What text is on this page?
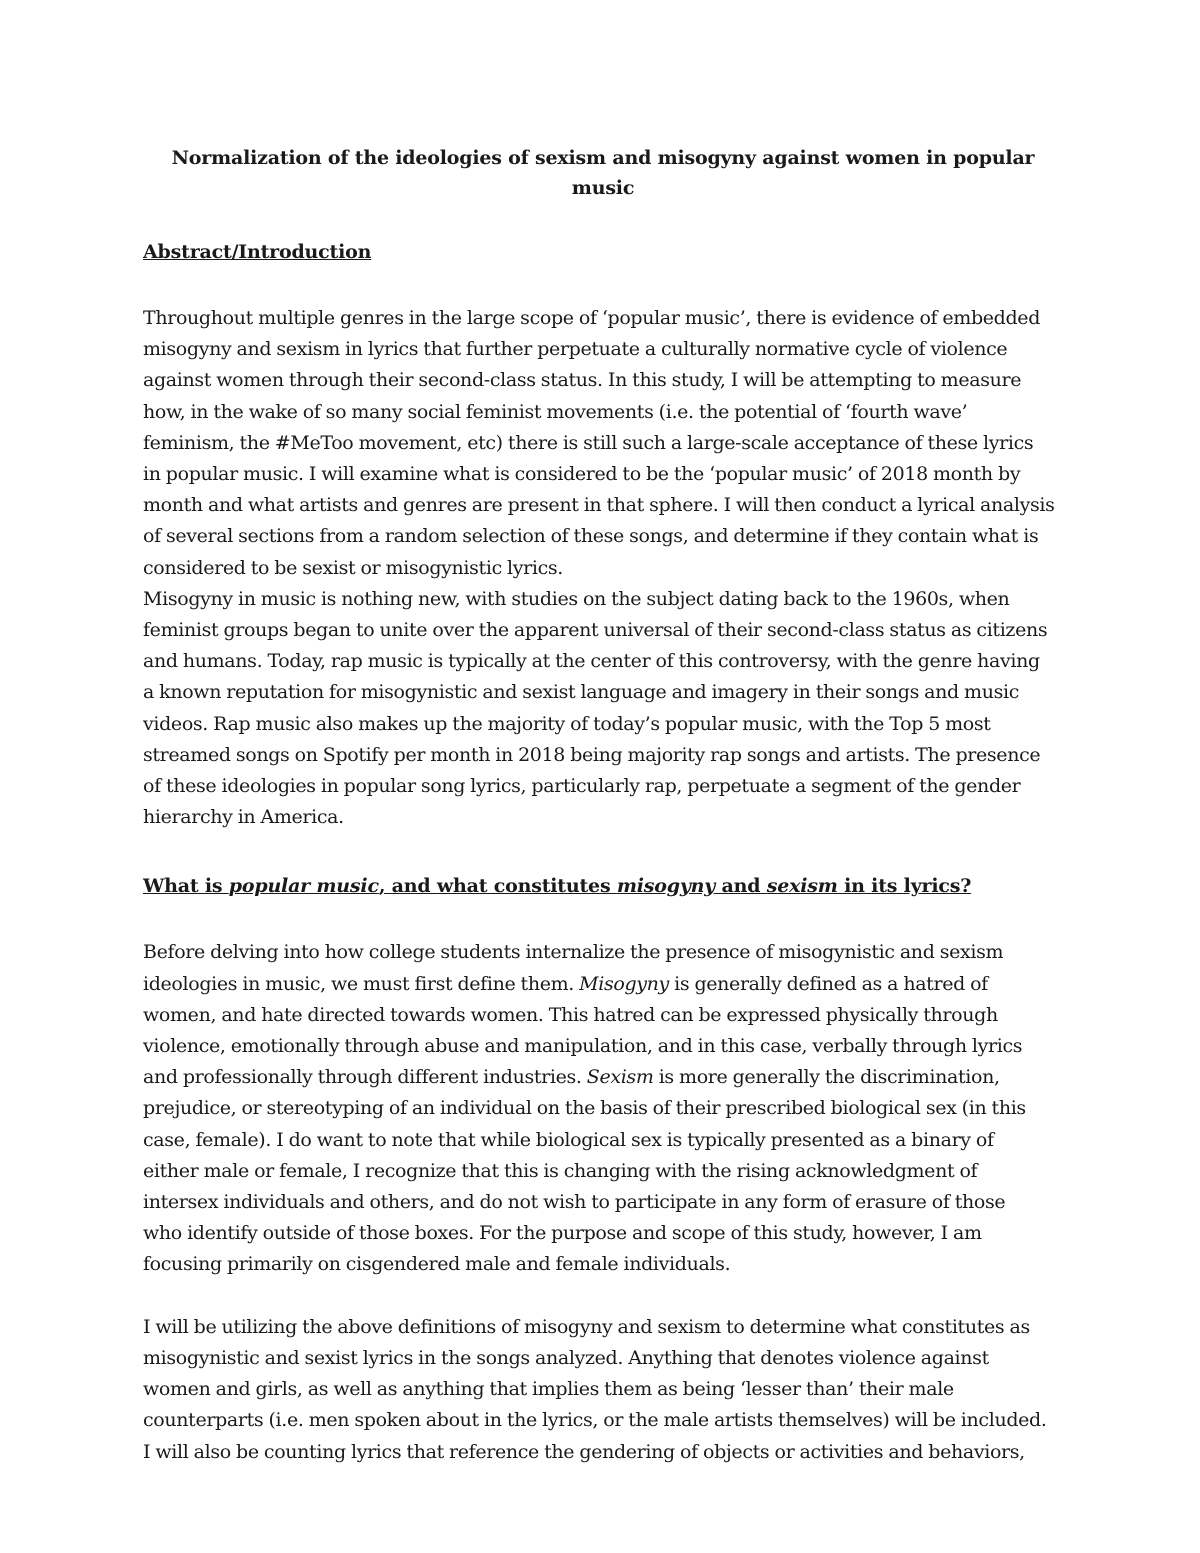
Normalization of the ideologies of sexism and misogyny against women in popular music
Abstract/Introduction

Throughout multiple genres in the large scope of ‘popular music’, there is evidence of embedded
misogyny and sexism in lyrics that further perpetuate a culturally normative cycle of violence
against women through their second-class status. In this study, I will be attempting to measure
how, in the wake of so many social feminist movements (i.e. the potential of ‘fourth wave’
feminism, the #MeToo movement, etc) there is still such a large-scale acceptance of these lyrics
in popular music. I will examine what is considered to be the ‘popular music’ of 2018 month by
month and what artists and genres are present in that sphere. I will then conduct a lyrical analysis
of several sections from a random selection of these songs, and determine if they contain what is
considered to be sexist or misogynistic lyrics.

Misogyny in music is nothing new, with studies on the subject dating back to the 1960s, when
feminist groups began to unite over the apparent universal of their second-class status as citizens
and humans. Today, rap music is typically at the center of this controversy, with the genre having
a known reputation for misogynistic and sexist language and imagery in their songs and music
videos. Rap music also makes up the majority of today’s popular music, with the Top 5 most
streamed songs on Spotify per month in 2018 being majority rap songs and artists. The presence
of these ideologies in popular song lyrics, particularly rap, perpetuate a segment of the gender
hierarchy in America.

What is popular music, and what constitutes misogyny and sexism in its lyrics?

Before delving into how college students internalize the presence of misogynistic and sexism
ideologies in music, we must first define them. Misogyny is generally defined as a hatred of
women, and hate directed towards women. This hatred can be expressed physically through
violence, emotionally through abuse and manipulation, and in this case, verbally through lyrics
and professionally through different industries. Sexism is more generally the discrimination,
prejudice, or stereotyping of an individual on the basis of their prescribed biological sex (in this
case, female). I do want to note that while biological sex is typically presented as a binary of
either male or female, I recognize that this is changing with the rising acknowledgment of
intersex individuals and others, and do not wish to participate in any form of erasure of those
who identify outside of those boxes. For the purpose and scope of this study, however, I am
focusing primarily on cisgendered male and female individuals.

I will be utilizing the above definitions of misogyny and sexism to determine what constitutes as
misogynistic and sexist lyrics in the songs analyzed. Anything that denotes violence against
women and girls, as well as anything that implies them as being ‘lesser than’ their male
counterparts (i.e. men spoken about in the lyrics, or the male artists themselves) will be included.
I will also be counting lyrics that reference the gendering of objects or activities and behaviors,
